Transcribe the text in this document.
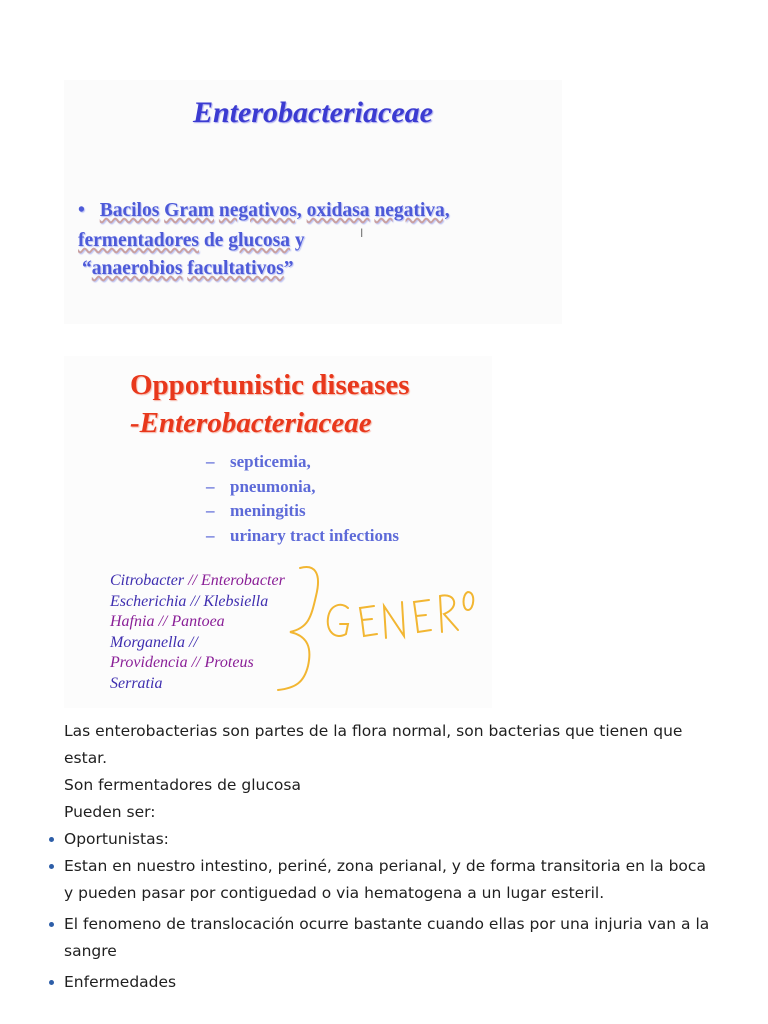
Enterobacteriaceae
• Bacilos Gram negativos, oxidasa negativa,
fermentadores de glucosa y
“anaerobios facultativos”
I
Opportunistic diseases
-Enterobacteriaceae
– septicemia,
– pneumonia,
– meningitis
– urinary tract infections
Citrobacter // Enterobacter
Escherichia // Klebsiella
Hafnia // Pantoea
Morganella //
Providencia // Proteus
Serratia

Las enterobacterias son partes de la flora normal, son bacterias que tienen que estar.

Son fermentadores de glucosa

Pueden ser:

Oportunistas:
Estan en nuestro intestino, periné, zona perianal, y de forma transitoria en la boca y pueden pasar por contiguedad o via hematogena a un lugar esteril.
El fenomeno de translocación ocurre bastante cuando ellas por una injuria van a la sangre
Enfermedades
